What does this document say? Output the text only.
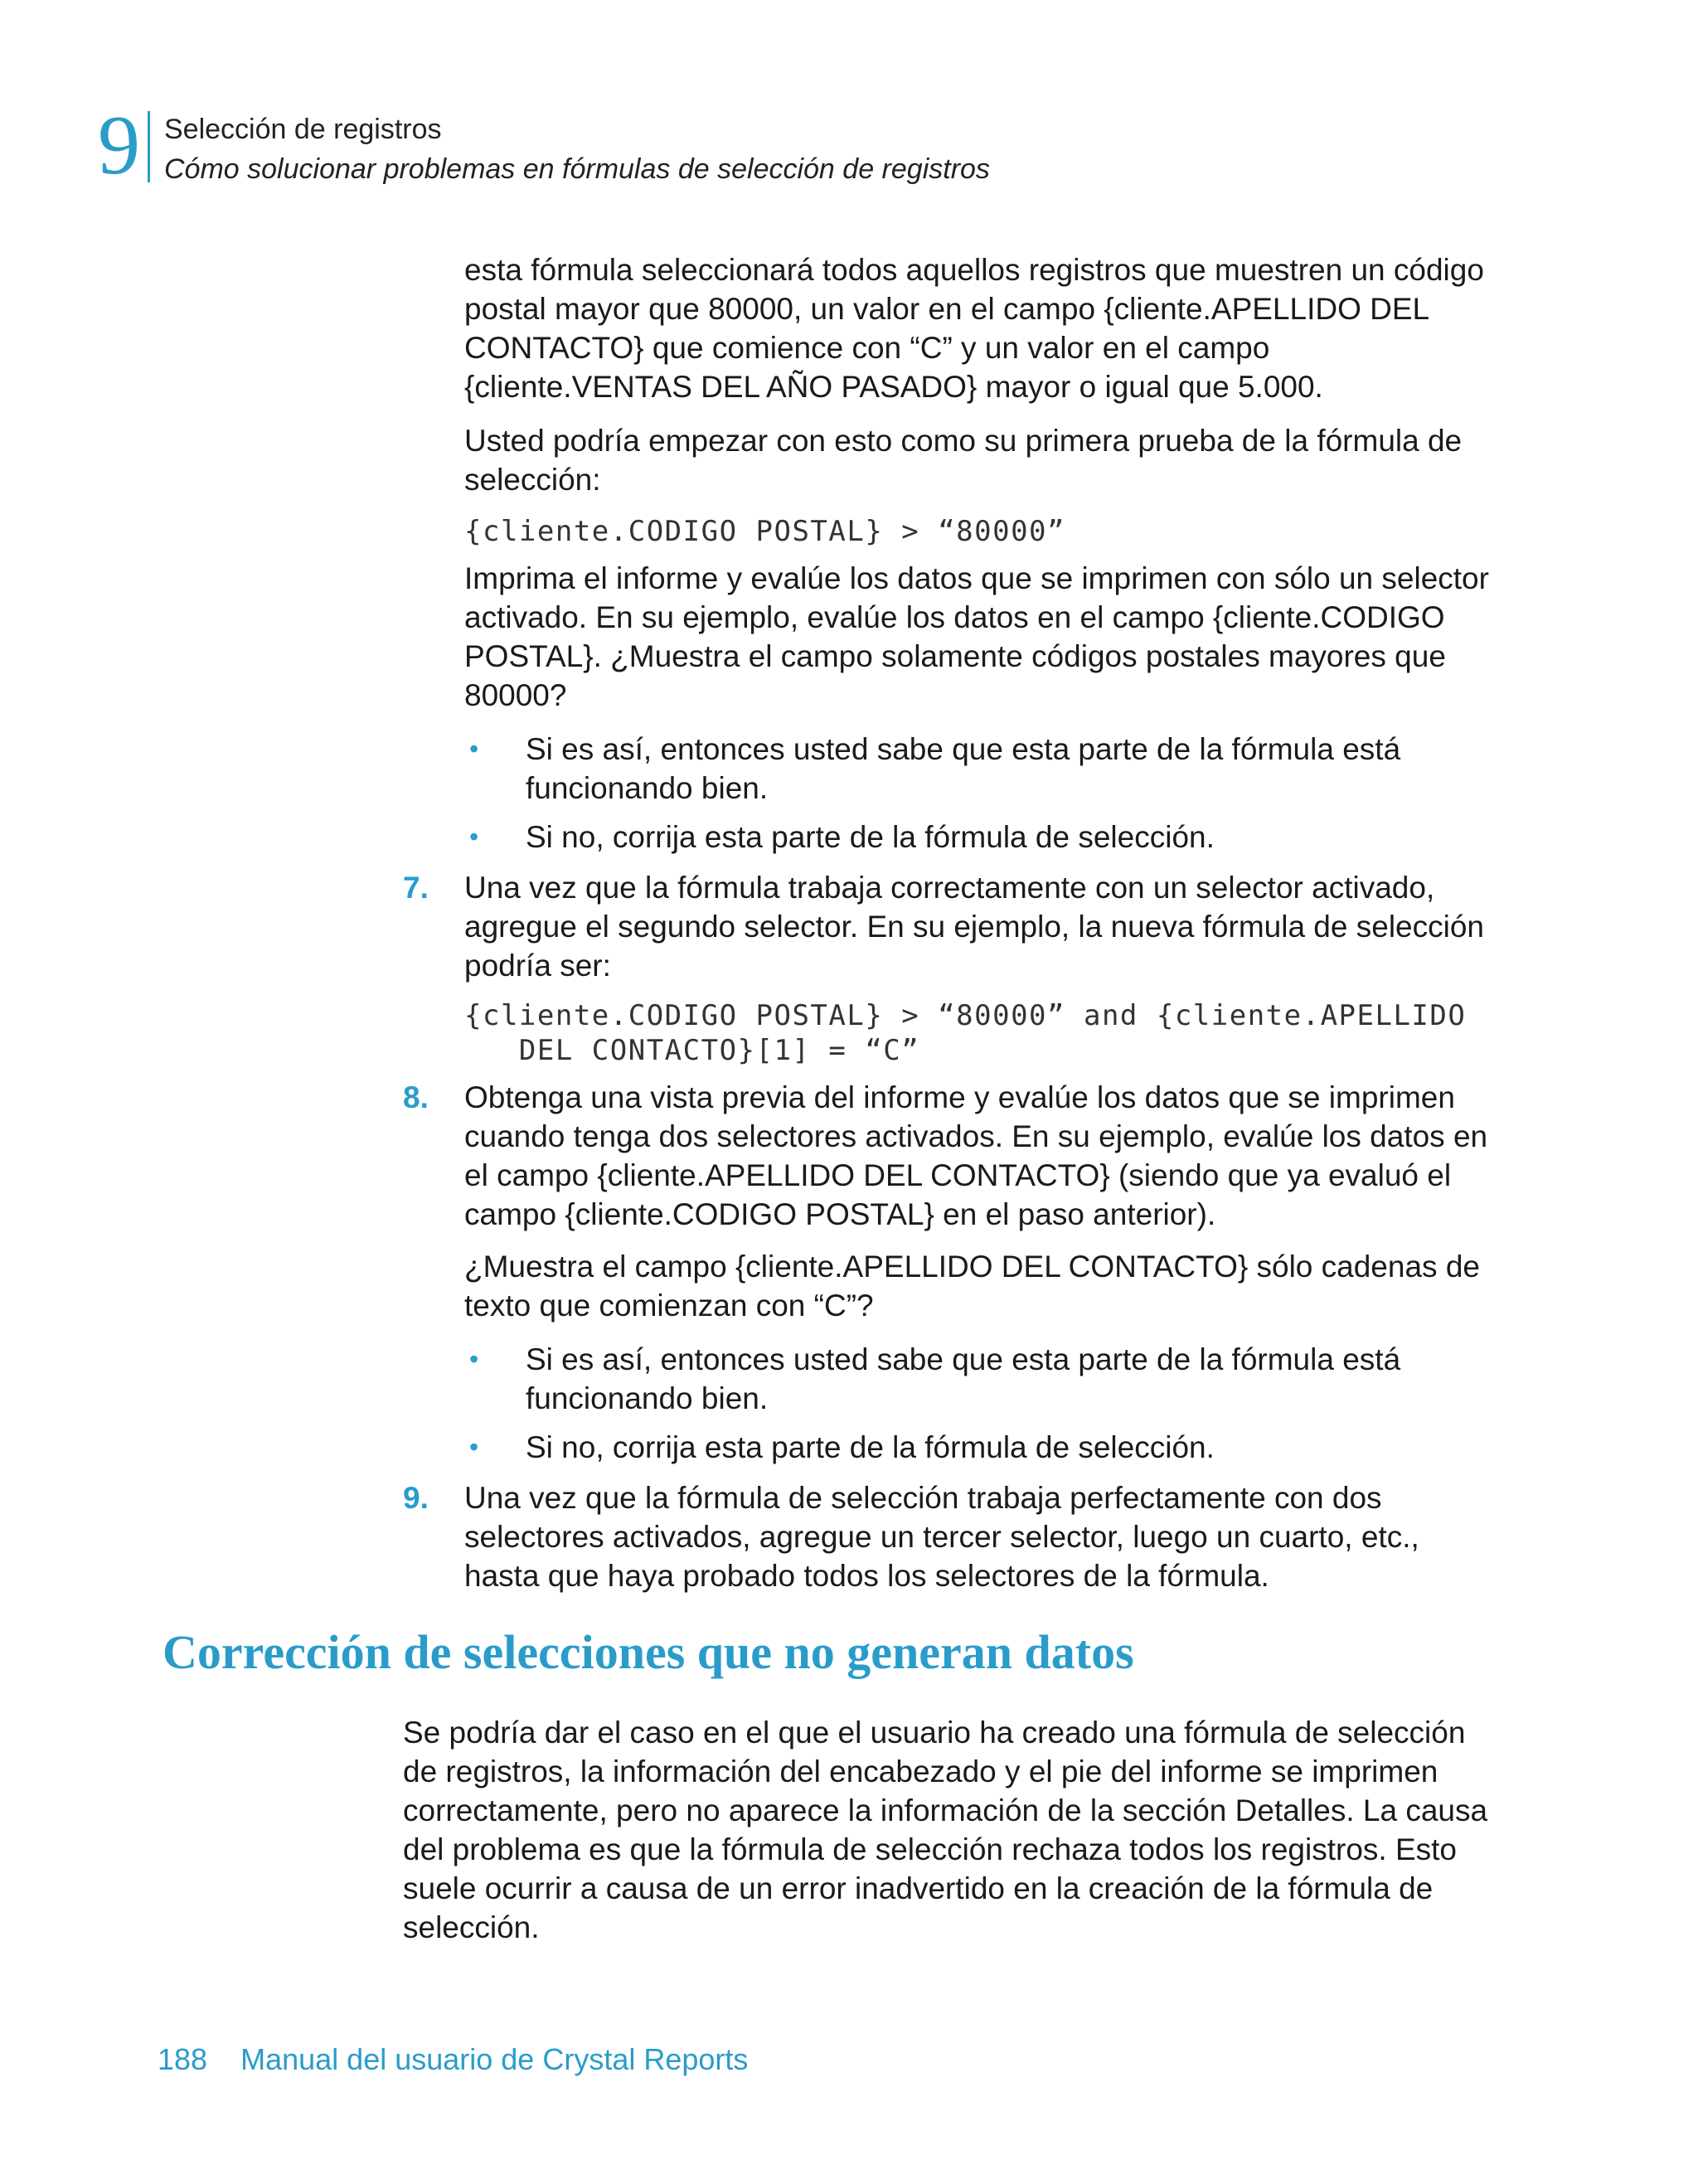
9 Selección de registros
Cómo solucionar problemas en fórmulas de selección de registros

esta fórmula seleccionará todos aquellos registros que muestren un código postal mayor que 80000, un valor en el campo {cliente.APELLIDO DEL CONTACTO} que comience con “C” y un valor en el campo {cliente.VENTAS DEL AÑO PASADO} mayor o igual que 5.000.

Usted podría empezar con esto como su primera prueba de la fórmula de selección:

{cliente.CODIGO POSTAL} > “80000”

Imprima el informe y evalúe los datos que se imprimen con sólo un selector activado. En su ejemplo, evalúe los datos en el campo {cliente.CODIGO POSTAL}. ¿Muestra el campo solamente códigos postales mayores que 80000?

• Si es así, entonces usted sabe que esta parte de la fórmula está funcionando bien.
• Si no, corrija esta parte de la fórmula de selección.
7. Una vez que la fórmula trabaja correctamente con un selector activado, agregue el segundo selector. En su ejemplo, la nueva fórmula de selección podría ser:
{cliente.CODIGO POSTAL} > “80000” and {cliente.APELLIDO
DEL CONTACTO}[1] = “C”
8. Obtenga una vista previa del informe y evalúe los datos que se imprimen cuando tenga dos selectores activados. En su ejemplo, evalúe los datos en el campo {cliente.APELLIDO DEL CONTACTO} (siendo que ya evaluó el campo {cliente.CODIGO POSTAL} en el paso anterior).

¿Muestra el campo {cliente.APELLIDO DEL CONTACTO} sólo cadenas de texto que comienzan con “C”?

• Si es así, entonces usted sabe que esta parte de la fórmula está funcionando bien.
• Si no, corrija esta parte de la fórmula de selección.
9. Una vez que la fórmula de selección trabaja perfectamente con dos selectores activados, agregue un tercer selector, luego un cuarto, etc., hasta que haya probado todos los selectores de la fórmula.
Corrección de selecciones que no generan datos

Se podría dar el caso en el que el usuario ha creado una fórmula de selección de registros, la información del encabezado y el pie del informe se imprimen correctamente, pero no aparece la información de la sección Detalles. La causa del problema es que la fórmula de selección rechaza todos los registros. Esto suele ocurrir a causa de un error inadvertido en la creación de la fórmula de selección.

188 Manual del usuario de Crystal Reports
